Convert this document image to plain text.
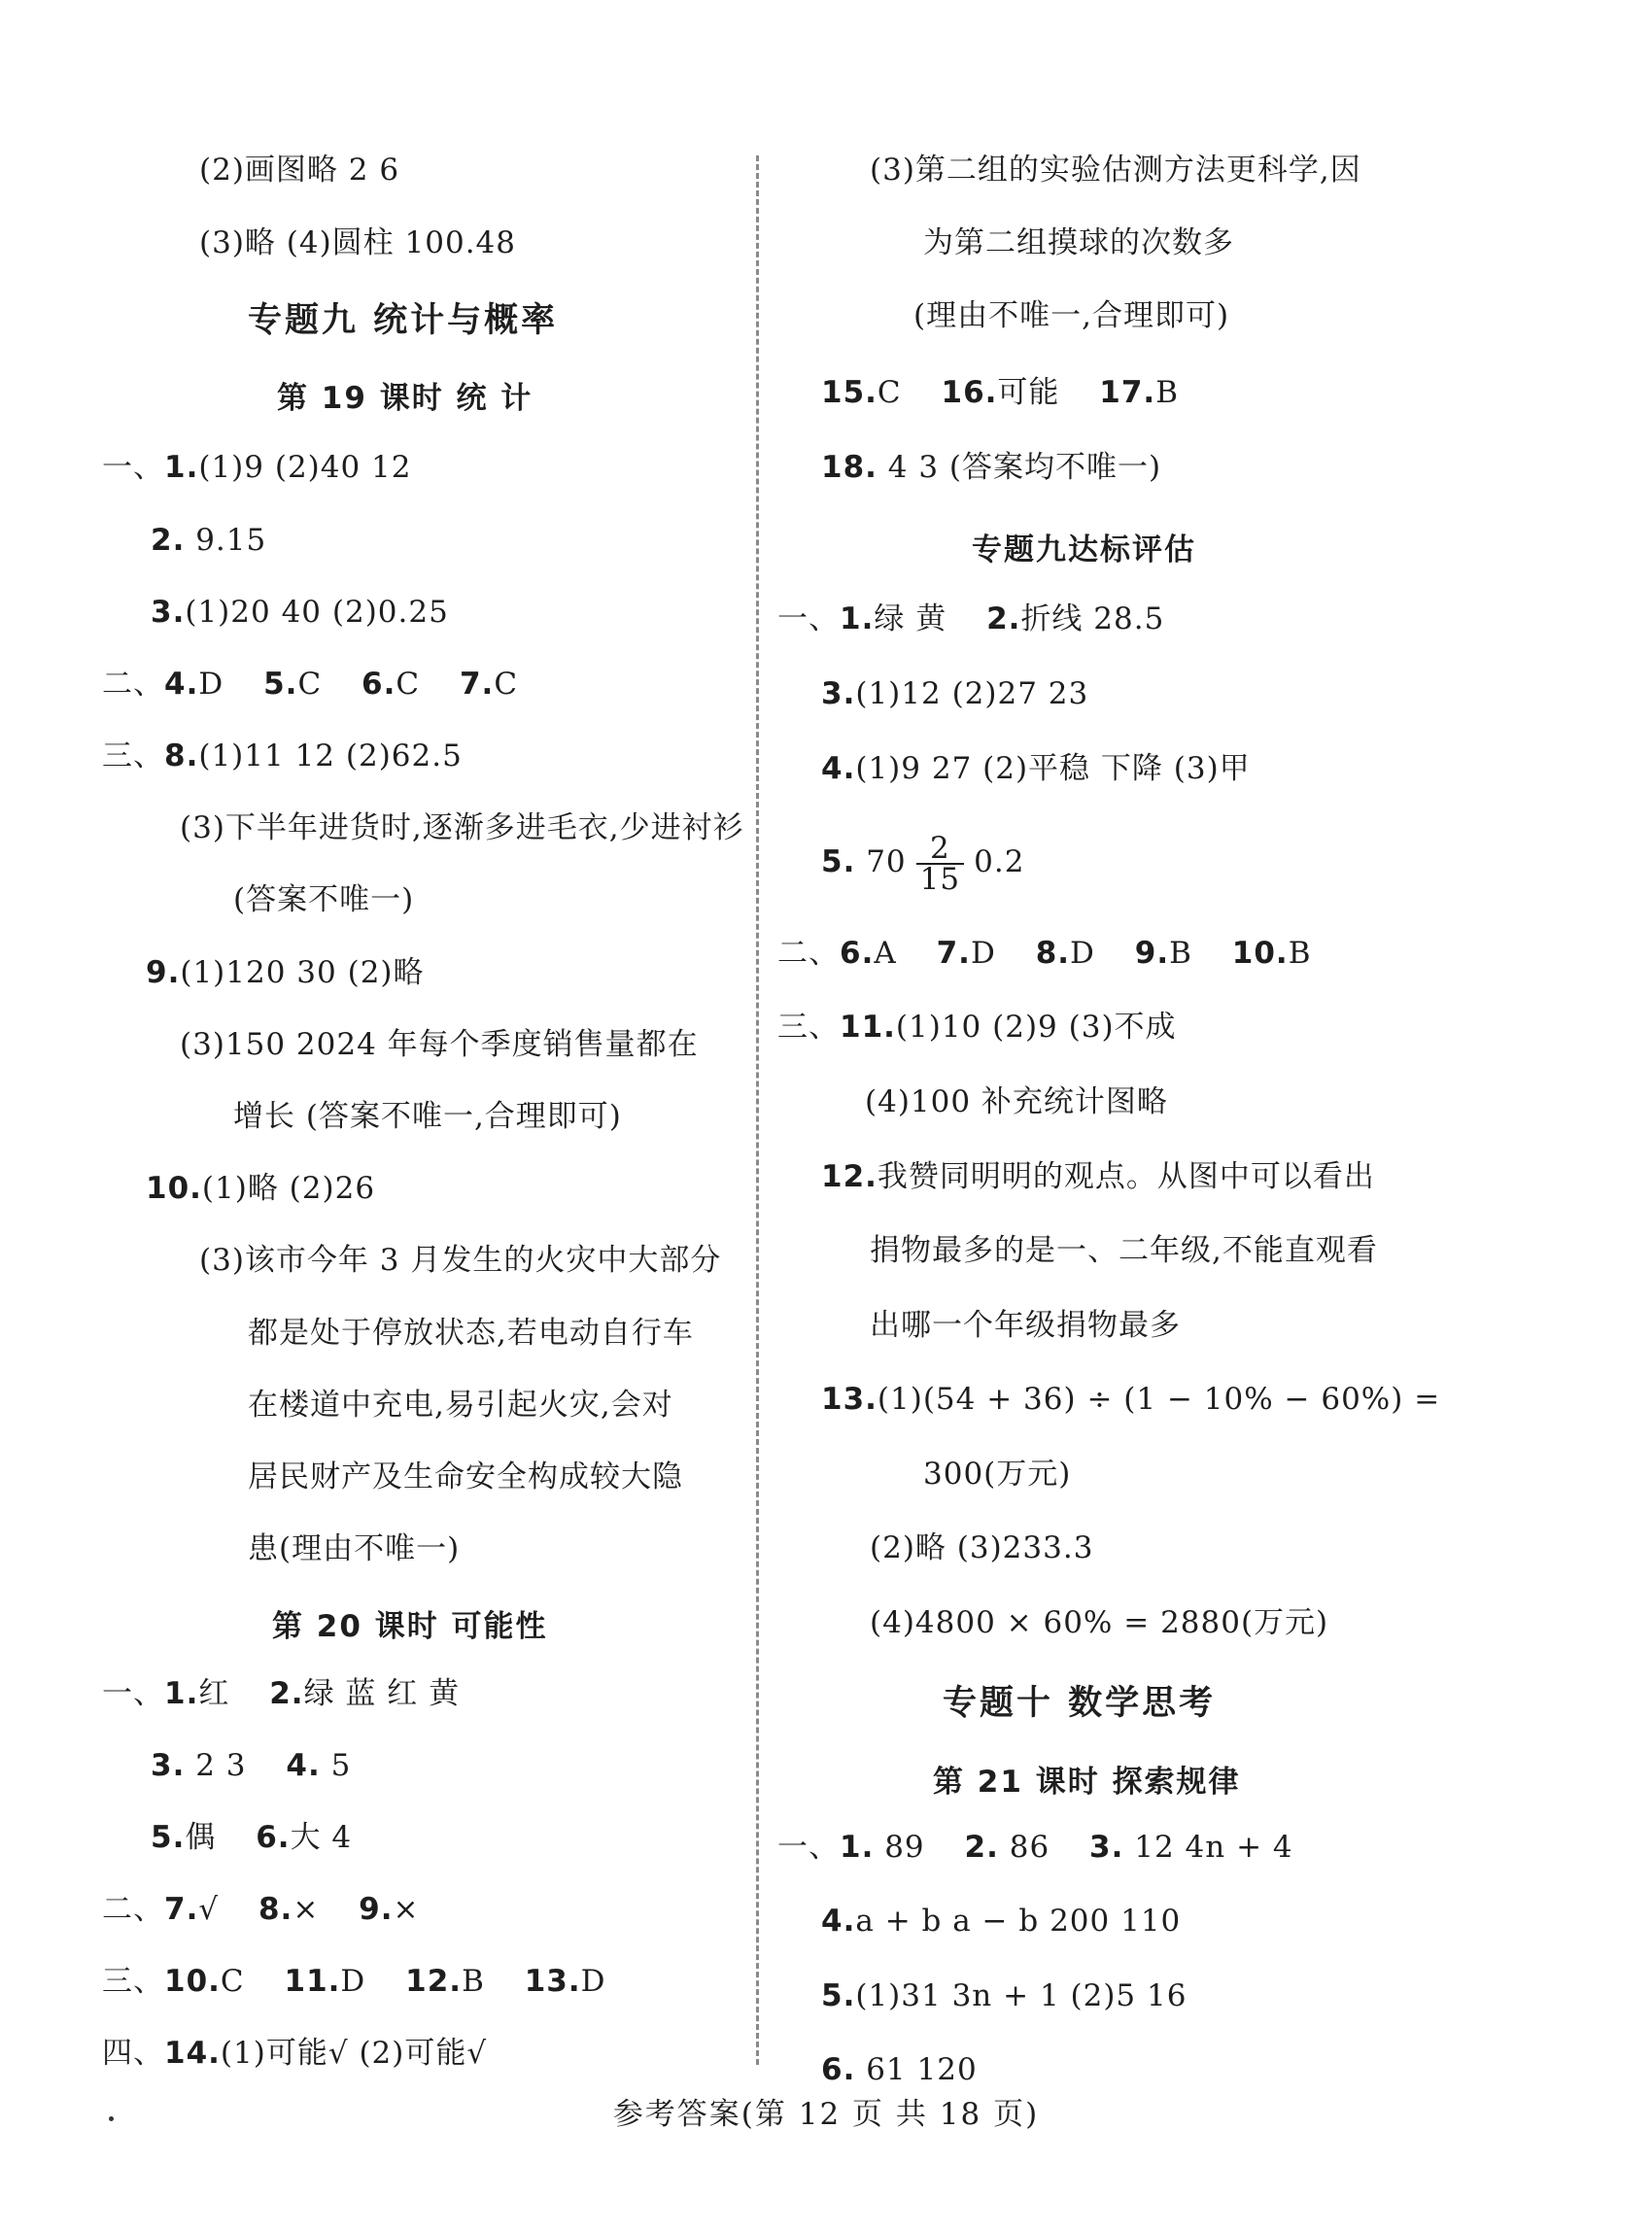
(2)画图略 2 6
(3)略 (4)圆柱 100.48
专题九 统计与概率
第 19 课时 统 计
一、1.(1)9 (2)40 12
2. 9.15
3.(1)20 40 (2)0.25
二、4.D 5.C 6.C 7.C
三、8.(1)11 12 (2)62.5
(3)下半年进货时,逐渐多进毛衣,少进衬衫
(答案不唯一)
9.(1)120 30 (2)略
(3)150 2024 年每个季度销售量都在
增长 (答案不唯一,合理即可)
10.(1)略 (2)26
(3)该市今年 3 月发生的火灾中大部分
都是处于停放状态,若电动自行车
在楼道中充电,易引起火灾,会对
居民财产及生命安全构成较大隐
患(理由不唯一)
第 20 课时 可能性
一、1.红 2.绿 蓝 红 黄
3. 2 3 4. 5
5.偶 6.大 4
二、7.√ 8.× 9.×
三、10.C 11.D 12.B 13.D
四、14.(1)可能√ (2)可能√
(3)第二组的实验估测方法更科学,因
为第二组摸球的次数多
(理由不唯一,合理即可)
15.C 16.可能 17.B
18. 4 3 (答案均不唯一)
专题九达标评估
一、1.绿 黄 2.折线 28.5
3.(1)12 (2)27 23
4.(1)9 27 (2)平稳 下降 (3)甲
5. $70 \frac{2}{15} 0.2$
二、6.A 7.D 8.D 9.B 10.B
三、11.(1)10 (2)9 (3)不成
(4)100 补充统计图略
12.我赞同明明的观点。从图中可以看出
捐物最多的是一、二年级,不能直观看
出哪一个年级捐物最多
13.(1)(54 + 36) ÷ (1 − 10% − 60%) =
300(万元)
(2)略 (3)233.3
(4)4800 × 60% = 2880(万元)
专题十 数学思考
第 21 课时 探索规律
一、1. 89 2. 86 3. 12 4n + 4
4.a + b a − b 200 110
5.(1)31 3n + 1 (2)5 16
6. 61 120
参考答案(第 12 页 共 18 页)
